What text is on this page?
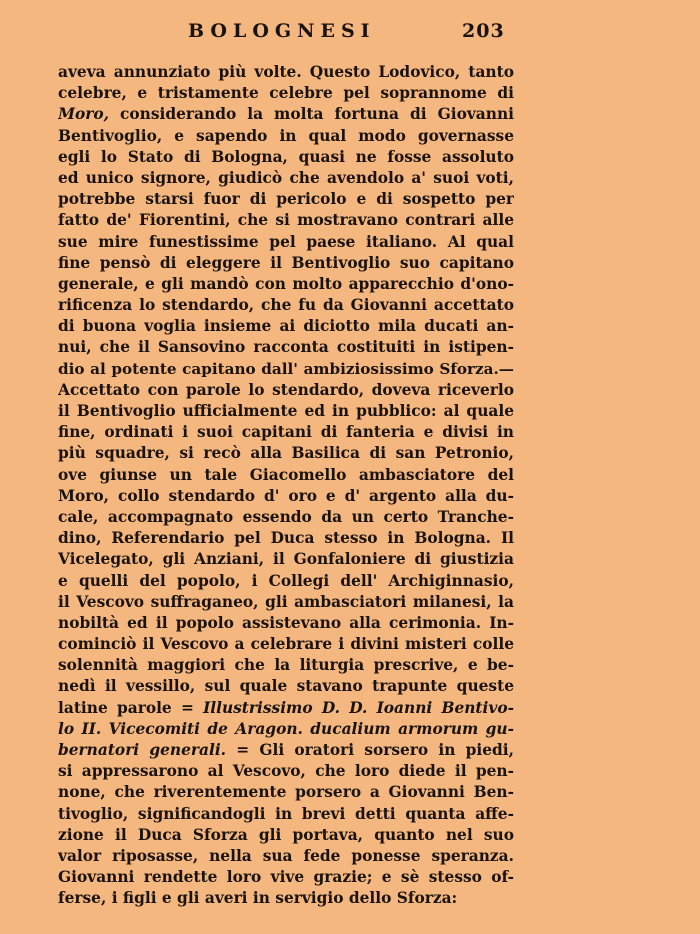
BOLOGNESI	203
aveva annunziato più volte. Questo Lodovico, tanto
celebre, e tristamente celebre pel soprannome di
Moro, considerando la molta fortuna di Giovanni
Bentivoglio, e sapendo in qual modo governasse
egli lo Stato di Bologna, quasi ne fosse assoluto
ed unico signore, giudicò che avendolo a' suoi voti,
potrebbe starsi fuor di pericolo e di sospetto per
fatto de' Fiorentini, che si mostravano contrari alle
sue mire funestissime pel paese italiano. Al qual
fine pensò di eleggere il Bentivoglio suo capitano
generale, e gli mandò con molto apparecchio d'ono-
rificenza lo stendardo, che fu da Giovanni accettato
di buona voglia insieme ai diciotto mila ducati an-
nui, che il Sansovino racconta costituiti in istipen-
dio al potente capitano dall' ambiziosissimo Sforza.—
Accettato con parole lo stendardo, doveva riceverlo
il Bentivoglio ufficialmente ed in pubblico: al quale
fine, ordinati i suoi capitani di fanteria e divisi in
più squadre, si recò alla Basilica di san Petronio,
ove giunse un tale Giacomello ambasciatore del
Moro, collo stendardo d' oro e d' argento alla du-
cale, accompagnato essendo da un certo Tranche-
dino, Referendario pel Duca stesso in Bologna. Il
Vicelegato, gli Anziani, il Gonfaloniere di giustizia
e quelli del popolo, i Collegi dell' Archiginnasio,
il Vescovo suffraganeo, gli ambasciatori milanesi, la
nobiltà ed il popolo assistevano alla cerimonia. In-
cominciò il Vescovo a celebrare i divini misteri colle
solennità maggiori che la liturgia prescrive, e be-
nedì il vessillo, sul quale stavano trapunte queste
latine parole = Illustrissimo D. D. Ioanni Bentivo-
lo II. Vicecomiti de Aragon. ducalium armorum gu-
bernatori generali. = Gli oratori sorsero in piedi,
si appressarono al Vescovo, che loro diede il pen-
none, che riverentemente porsero a Giovanni Ben-
tivoglio, significandogli in brevi detti quanta affe-
zione il Duca Sforza gli portava, quanto nel suo
valor riposasse, nella sua fede ponesse speranza.
Giovanni rendette loro vive grazie; e sè stesso of-
ferse, i figli e gli averi in servigio dello Sforza:
